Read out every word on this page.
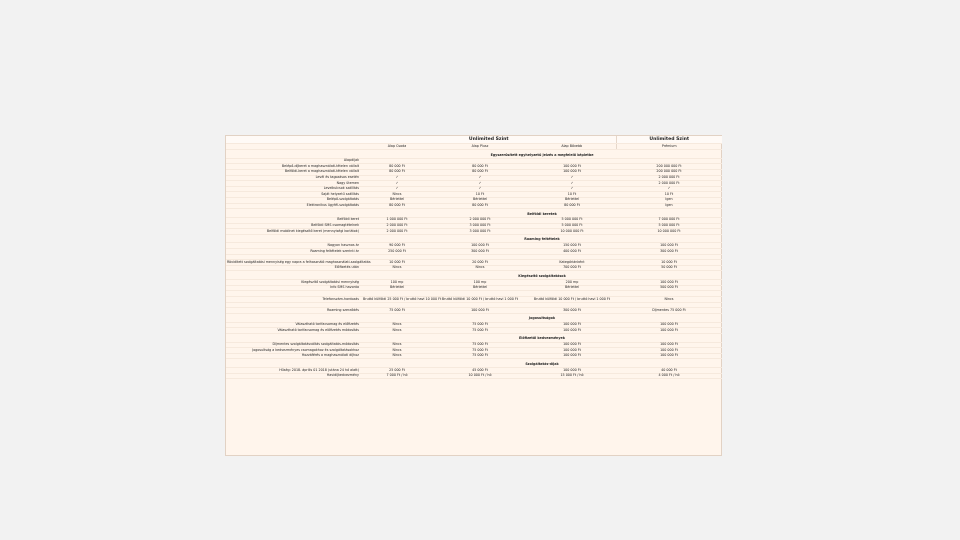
	Unlimited Szint			Unlimited Szint
	Alap Csoda	Alap Plusz	Alap Bővebb	Prémium

	Egyszerűsített egyhelyzetű jelzés a megfelelő képletbe			
Alapdíjak				
Belépő-díjkeret a maghasználati-tételen vállalt	80 000 Ft	80 000 Ft	100 000 Ft	200 000 000 Ft
Belföldi-keret a maghasználati-tételen vállalt	80 000 Ft	80 000 Ft	100 000 Ft	200 000 000 Ft
Levél és tagozásos esetén	✓	✓	✓	2 000 000 Ft
Nagy ütemen	✓	✓	✓	2 000 000 Ft
Levelkulcsok szállítás	✓	✓	✓	✓
Saját helyzetű szállítás	Nincs	10 Ft	10 Ft	10 Ft
Belépő-szolgáltatás	Bérlettel	Bérlettel	Bérlettel	Igen
Elektronikus ügyfél-szolgáltatás	80 000 Ft	80 000 Ft	80 000 Ft	Igen

	Belföldi keretek			
Belföldi keret	1 000 000 Ft	2 000 000 Ft	5 000 000 Ft	7 000 000 Ft
Belföldi SMS csomagtételnek	2 000 000 Ft	3 000 000 Ft	5 000 000 Ft	5 000 000 Ft
Belföldi mobilnet kiegészítő keret (mennyiségi korlátok)	2 000 000 Ft	3 000 000 Ft	10 000 000 Ft	10 000 000 Ft

	Roaming feltételek			
Nagyon hasznos ár	90 000 Ft	100 000 Ft	150 000 Ft	100 000 Ft
Roaming feltételek szerinti ár	250 000 Ft	300 000 Ft	400 000 Ft	300 000 Ft

Rövidített szolgáltatási mennyiség egy napra a felhasználó maghasználati-szolgáltatás	10 000 Ft	20 000 Ft	Kategóriánként	10 000 Ft
Előfizetés után	Nincs	Nincs	700 000 Ft	50 000 Ft

	Kiegészítő szolgáltatások			
Kiegészítő szolgáltatási mennyiség	100 mp	100 mp	200 mp	100 000 Ft
Info SMS havonta	Bérlettel	Bérlettel	Bérlettel	500 000 Ft

Telefonszám-hordozás	Bruttó külföldi 25 000 Ft / bruttó havi 10 000 Ft	Bruttó külföldi 10 000 Ft / bruttó havi 1 000 Ft	Bruttó külföldi 10 000 Ft / bruttó havi 1 000 Ft	Nincs

Roaming szerződés	75 000 Ft	100 000 Ft	300 000 Ft	Díjmentes 75 000 Ft

	Jogosultságok			
Választható tarifacsomag és előfizetés	Nincs	75 000 Ft	100 000 Ft	100 000 Ft
Választható tarifacsomag és előfizetés módosítás	Nincs	75 000 Ft	100 000 Ft	100 000 Ft

	Előfizetői kedvezmények			
Díjmentes szolgáltatásváltás szolgáltatás-módosítás	Nincs	75 000 Ft	100 000 Ft	100 000 Ft
Jogosultság a kedvezményes csomagokhoz és szolgáltatásokhoz	Nincs	75 000 Ft	100 000 Ft	100 000 Ft
Hozzáférés a maghasználati díjhoz	Nincs	75 000 Ft	100 000 Ft	100 000 Ft

	Szolgáltatás-díjak			
Hűség: 2018. április 01 2018 (utána 24 hó alatt)	25 000 Ft	45 000 Ft	100 000 Ft	40 000 Ft
Havidíjkedvezmény	7 000 Ft / hó	10 000 Ft / hó	15 000 Ft / hó	4 000 Ft / hó
